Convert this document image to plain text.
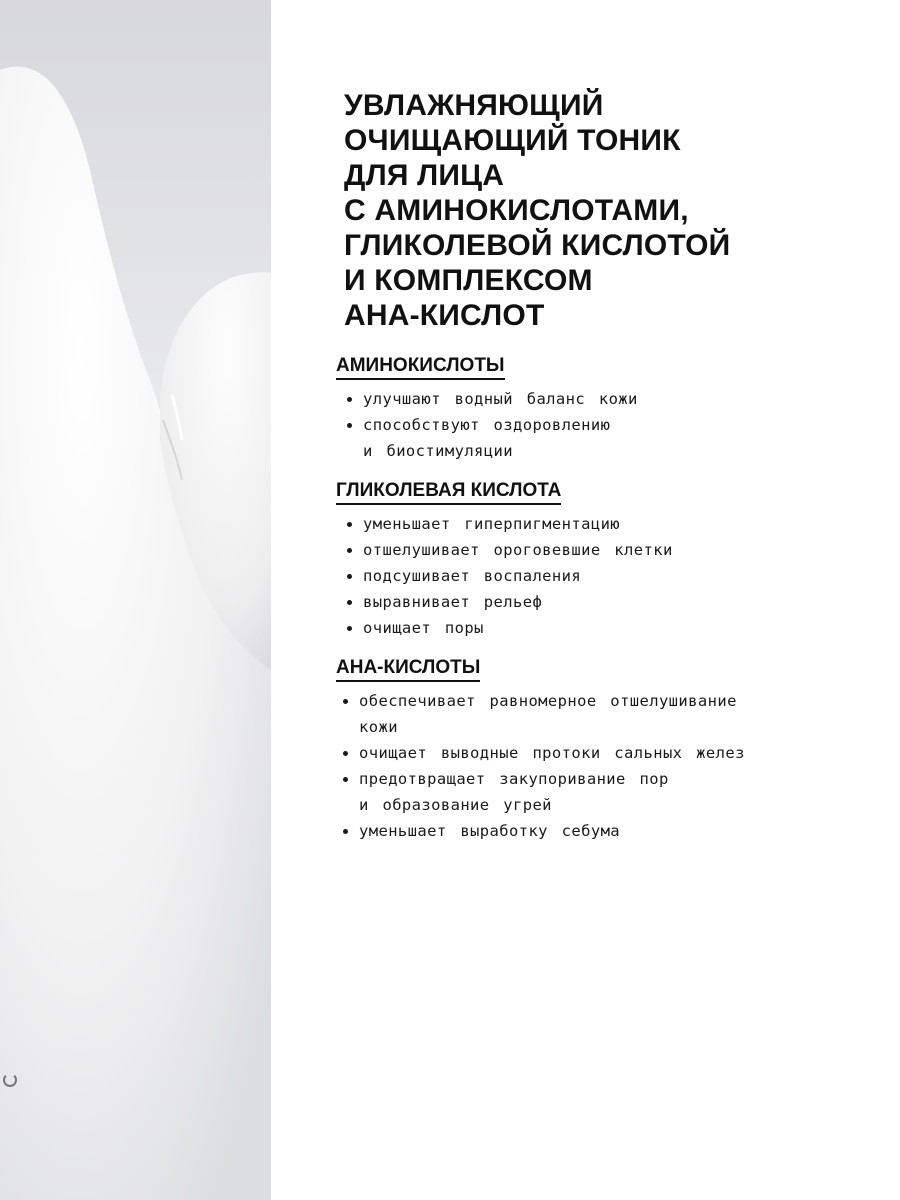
УВЛАЖНЯЮЩИЙ
ОЧИЩАЮЩИЙ ТОНИК
ДЛЯ ЛИЦА
С АМИНОКИСЛОТАМИ,
ГЛИКОЛЕВОЙ КИСЛОТОЙ
И КОМПЛЕКСОМ
АНА-КИСЛОТ
АМИНОКИСЛОТЫ
улучшают водный баланс кожи
способствуют оздоровлению
и биостимуляции
ГЛИКОЛЕВАЯ КИСЛОТА
уменьшает гиперпигментацию
отшелушивает ороговевшие клетки
подсушивает воспаления
выравнивает рельеф
очищает поры
АНА-КИСЛОТЫ
обеспечивает равномерное отшелушивание
кожи
очищает выводные протоки сальных желез
предотвращает закупоривание пор
и образование угрей
уменьшает выработку себума
